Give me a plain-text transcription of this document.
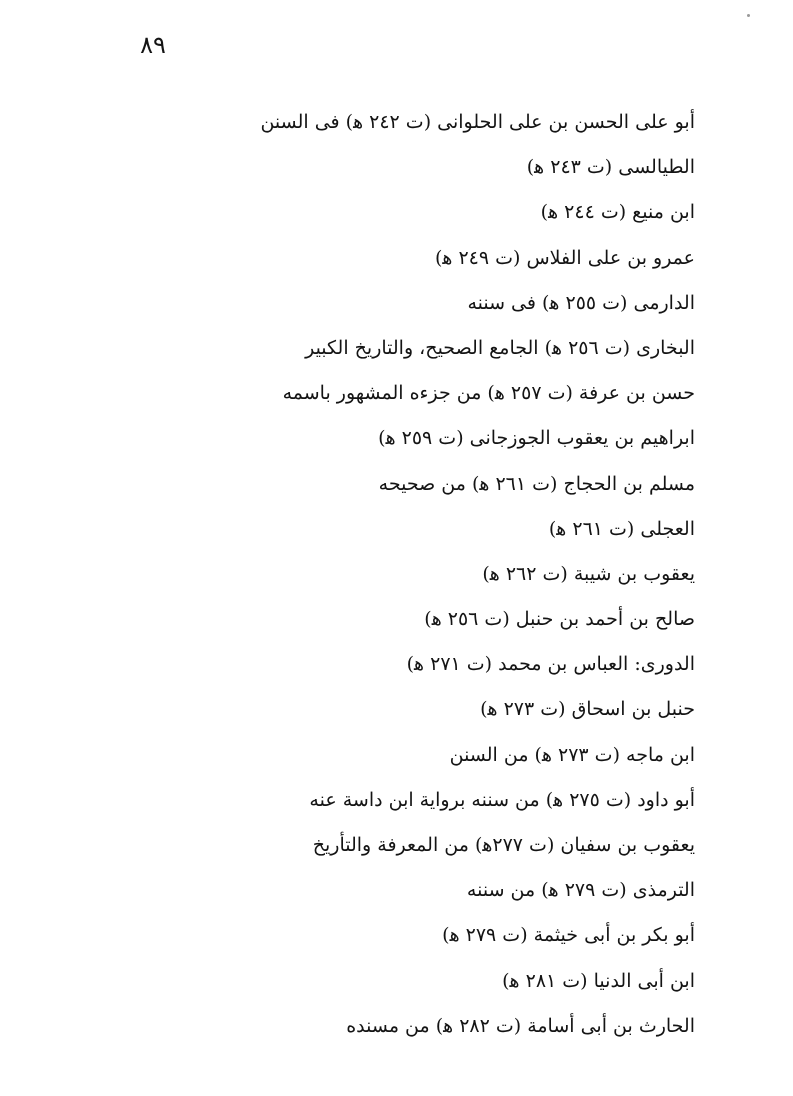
٨٩
أبو على الحسن بن على الحلوانى (ت ٢٤٢ ﻫ) فى السنن
الطيالسى (ت ٢٤٣ ﻫ)
ابن منيع (ت ٢٤٤ ﻫ)
عمرو بن على الفلاس (ت ٢٤٩ ﻫ)
الدارمى (ت ٢٥٥ ﻫ) فى سننه
البخارى (ت ٢٥٦ ﻫ) الجامع الصحيح، والتاريخ الكبير
حسن بن عرفة (ت ٢٥٧ ﻫ) من جزءه المشهور باسمه
ابراهيم بن يعقوب الجوزجانى (ت ٢٥٩ ﻫ)
مسلم بن الحجاج (ت ٢٦١ ﻫ) من صحيحه
العجلى (ت ٢٦١ ﻫ)
يعقوب بن شيبة (ت ٢٦٢ ﻫ)
صالح بن أحمد بن حنبل (ت ٢٥٦ ﻫ)
الدورى: العباس بن محمد (ت ٢٧١ ﻫ)
حنبل بن اسحاق (ت ٢٧٣ ﻫ)
ابن ماجه (ت ٢٧٣ ﻫ) من السنن
أبو داود (ت ٢٧٥ ﻫ) من سننه برواية ابن داسة عنه
يعقوب بن سفيان (ت ٢٧٧ﻫ) من المعرفة والتأريخ
الترمذى (ت ٢٧٩ ﻫ) من سننه
أبو بكر بن أبى خيثمة (ت ٢٧٩ ﻫ)
ابن أبى الدنيا (ت ٢٨١ ﻫ)
الحارث بن أبى أسامة (ت ٢٨٢ ﻫ) من مسنده
